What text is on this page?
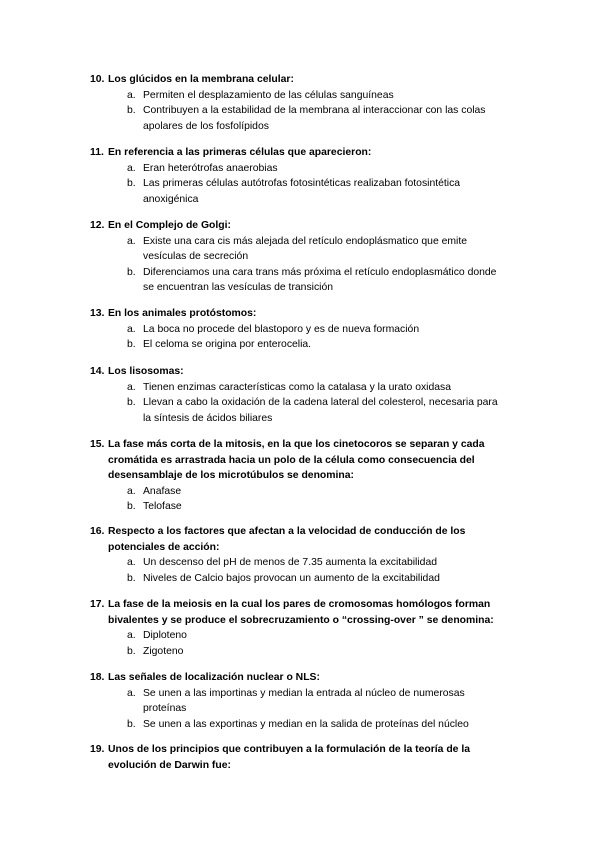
10. Los glúcidos en la membrana celular:
a. Permiten el desplazamiento de las células sanguíneas
b. Contribuyen a la estabilidad de la membrana al interaccionar con las colas
apolares de los fosfolípidos
11. En referencia a las primeras células que aparecieron:
a. Eran heterótrofas anaerobias
b. Las primeras células autótrofas fotosintéticas realizaban fotosintética
anoxigénica
12. En el Complejo de Golgi:
a. Existe una cara cis más alejada del retículo endoplásmatico que emite
vesículas de secreción
b. Diferenciamos una cara trans más próxima el retículo endoplasmático donde
se encuentran las vesículas de transición
13. En los animales protóstomos:
a. La boca no procede del blastoporo y es de nueva formación
b. El celoma se origina por enterocelia.
14. Los lisosomas:
a. Tienen enzimas características como la catalasa y la urato oxidasa
b. Llevan a cabo la oxidación de la cadena lateral del colesterol, necesaria para
la síntesis de ácidos biliares
15. La fase más corta de la mitosis, en la que los cinetocoros se separan y cada
cromátida es arrastrada hacia un polo de la célula como consecuencia del
desensamblaje de los microtúbulos se denomina:
a. Anafase
b. Telofase
16. Respecto a los factores que afectan a la velocidad de conducción de los
potenciales de acción:
a. Un descenso del pH de menos de 7.35 aumenta la excitabilidad
b. Niveles de Calcio bajos provocan un aumento de la excitabilidad
17. La fase de la meiosis en la cual los pares de cromosomas homólogos forman
bivalentes y se produce el sobrecruzamiento o “crossing-over ” se denomina:
a. Diploteno
b. Zigoteno
18. Las señales de localización nuclear o NLS:
a. Se unen a las importinas y median la entrada al núcleo de numerosas
proteínas
b. Se unen a las exportinas y median en la salida de proteínas del núcleo
19. Unos de los principios que contribuyen a la formulación de la teoría de la
evolución de Darwin fue:
